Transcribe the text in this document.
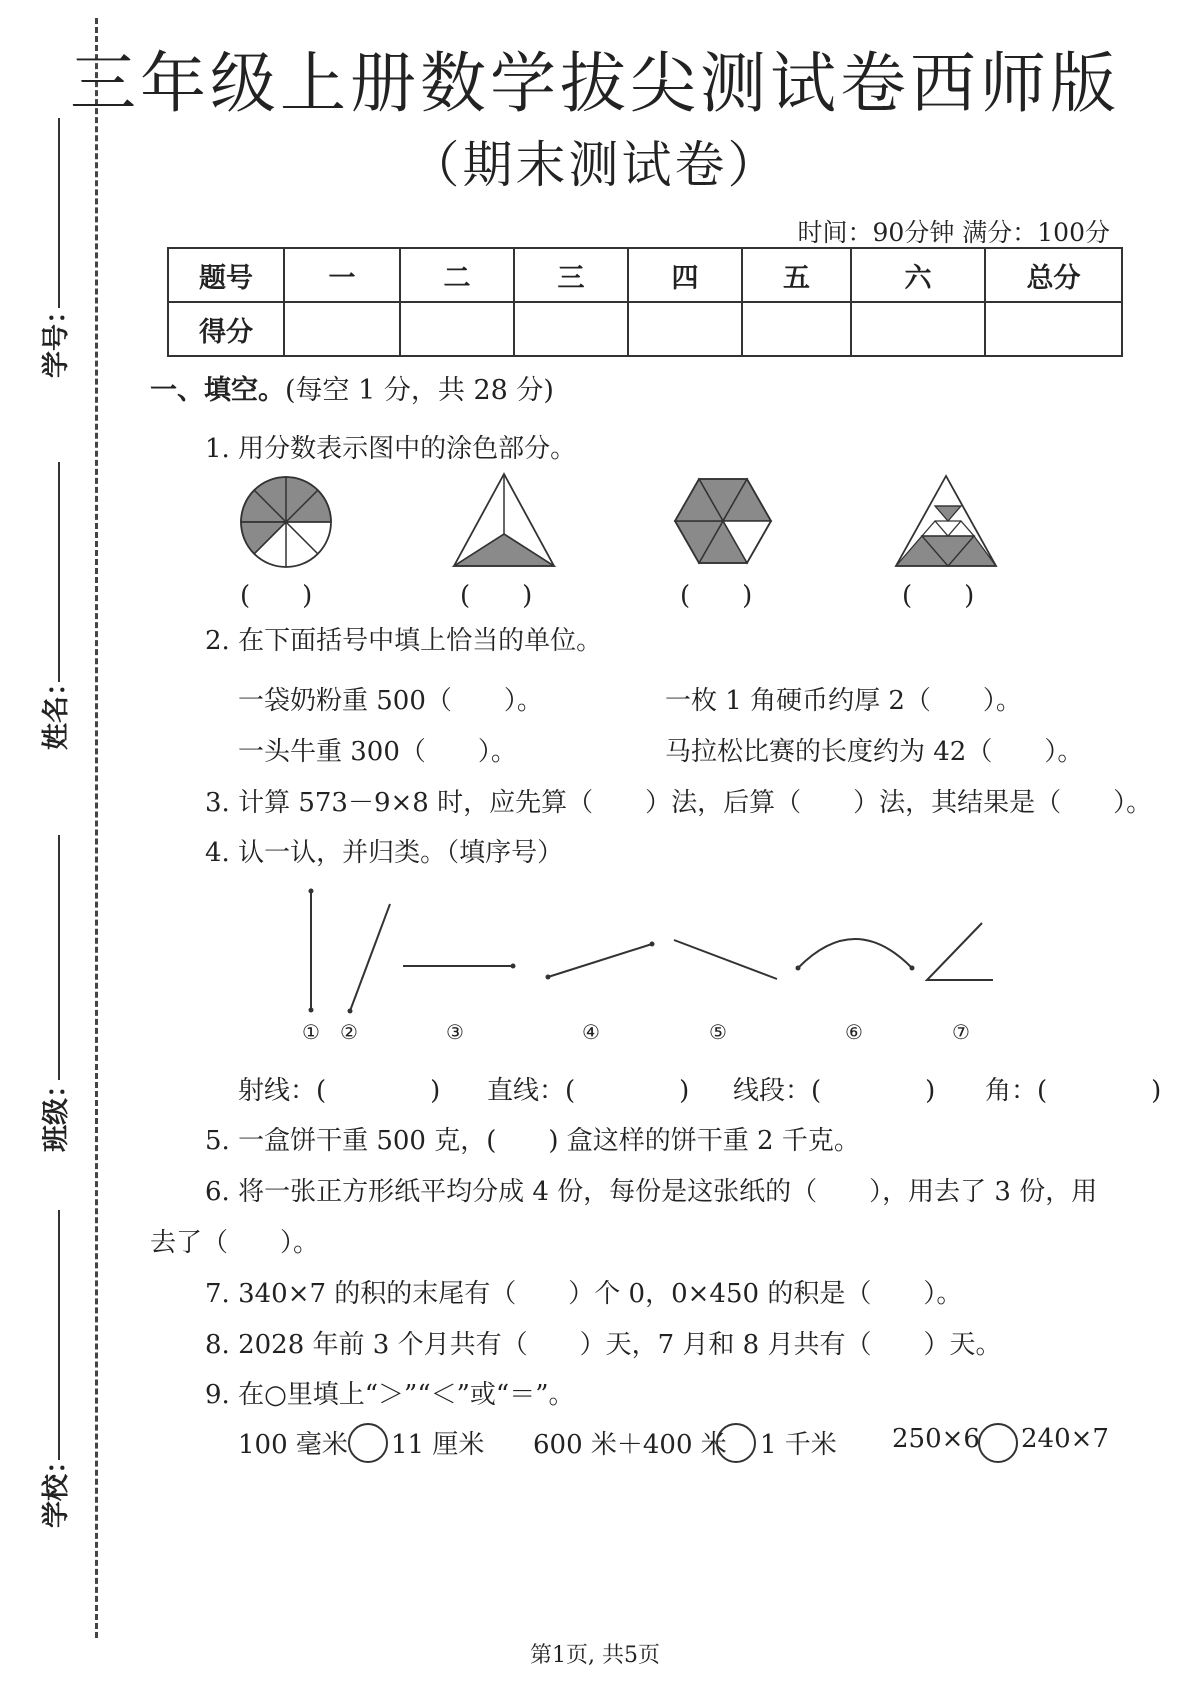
学号：
姓名：
班级：
学校：
三年级上册数学拔尖测试卷西师版
（期末测试卷）
时间：90分钟 满分：100分
题号	一	二	三	四	五	六	总分
得分							
一、填空。(每空 1 分，共 28 分)
1. 用分数表示图中的涂色部分。
(　　)	(　　)	(　　)	(　　)
2. 在下面括号中填上恰当的单位。
一袋奶粉重 500（　　）。	一枚 1 角硬币约厚 2（　　）。
一头牛重 300（　　）。	马拉松比赛的长度约为 42（　　）。
3. 计算 573－9×8 时，应先算（　　）法，后算（　　）法，其结果是（　　）。
4. 认一认，并归类。（填序号）
① ②	③	④	⑤	⑥	⑦
射线：(　　　　) 直线：(　　　　) 线段：(　　　　) 角：(　　　　)
5. 一盒饼干重 500 克，(　　) 盒这样的饼干重 2 千克。
6. 将一张正方形纸平均分成 4 份，每份是这张纸的（　　），用去了 3 份，用
去了（　　）。
7. 340×7 的积的末尾有（　　）个 0，0×450 的积是（　　）。
8. 2028 年前 3 个月共有（　　）天，7 月和 8 月共有（　　）天。
9. 在○里填上“＞”“＜”或“＝”。
100 毫米 11 厘米 600 米＋400 米 1 千米 250×6 240×7
第1页, 共5页
